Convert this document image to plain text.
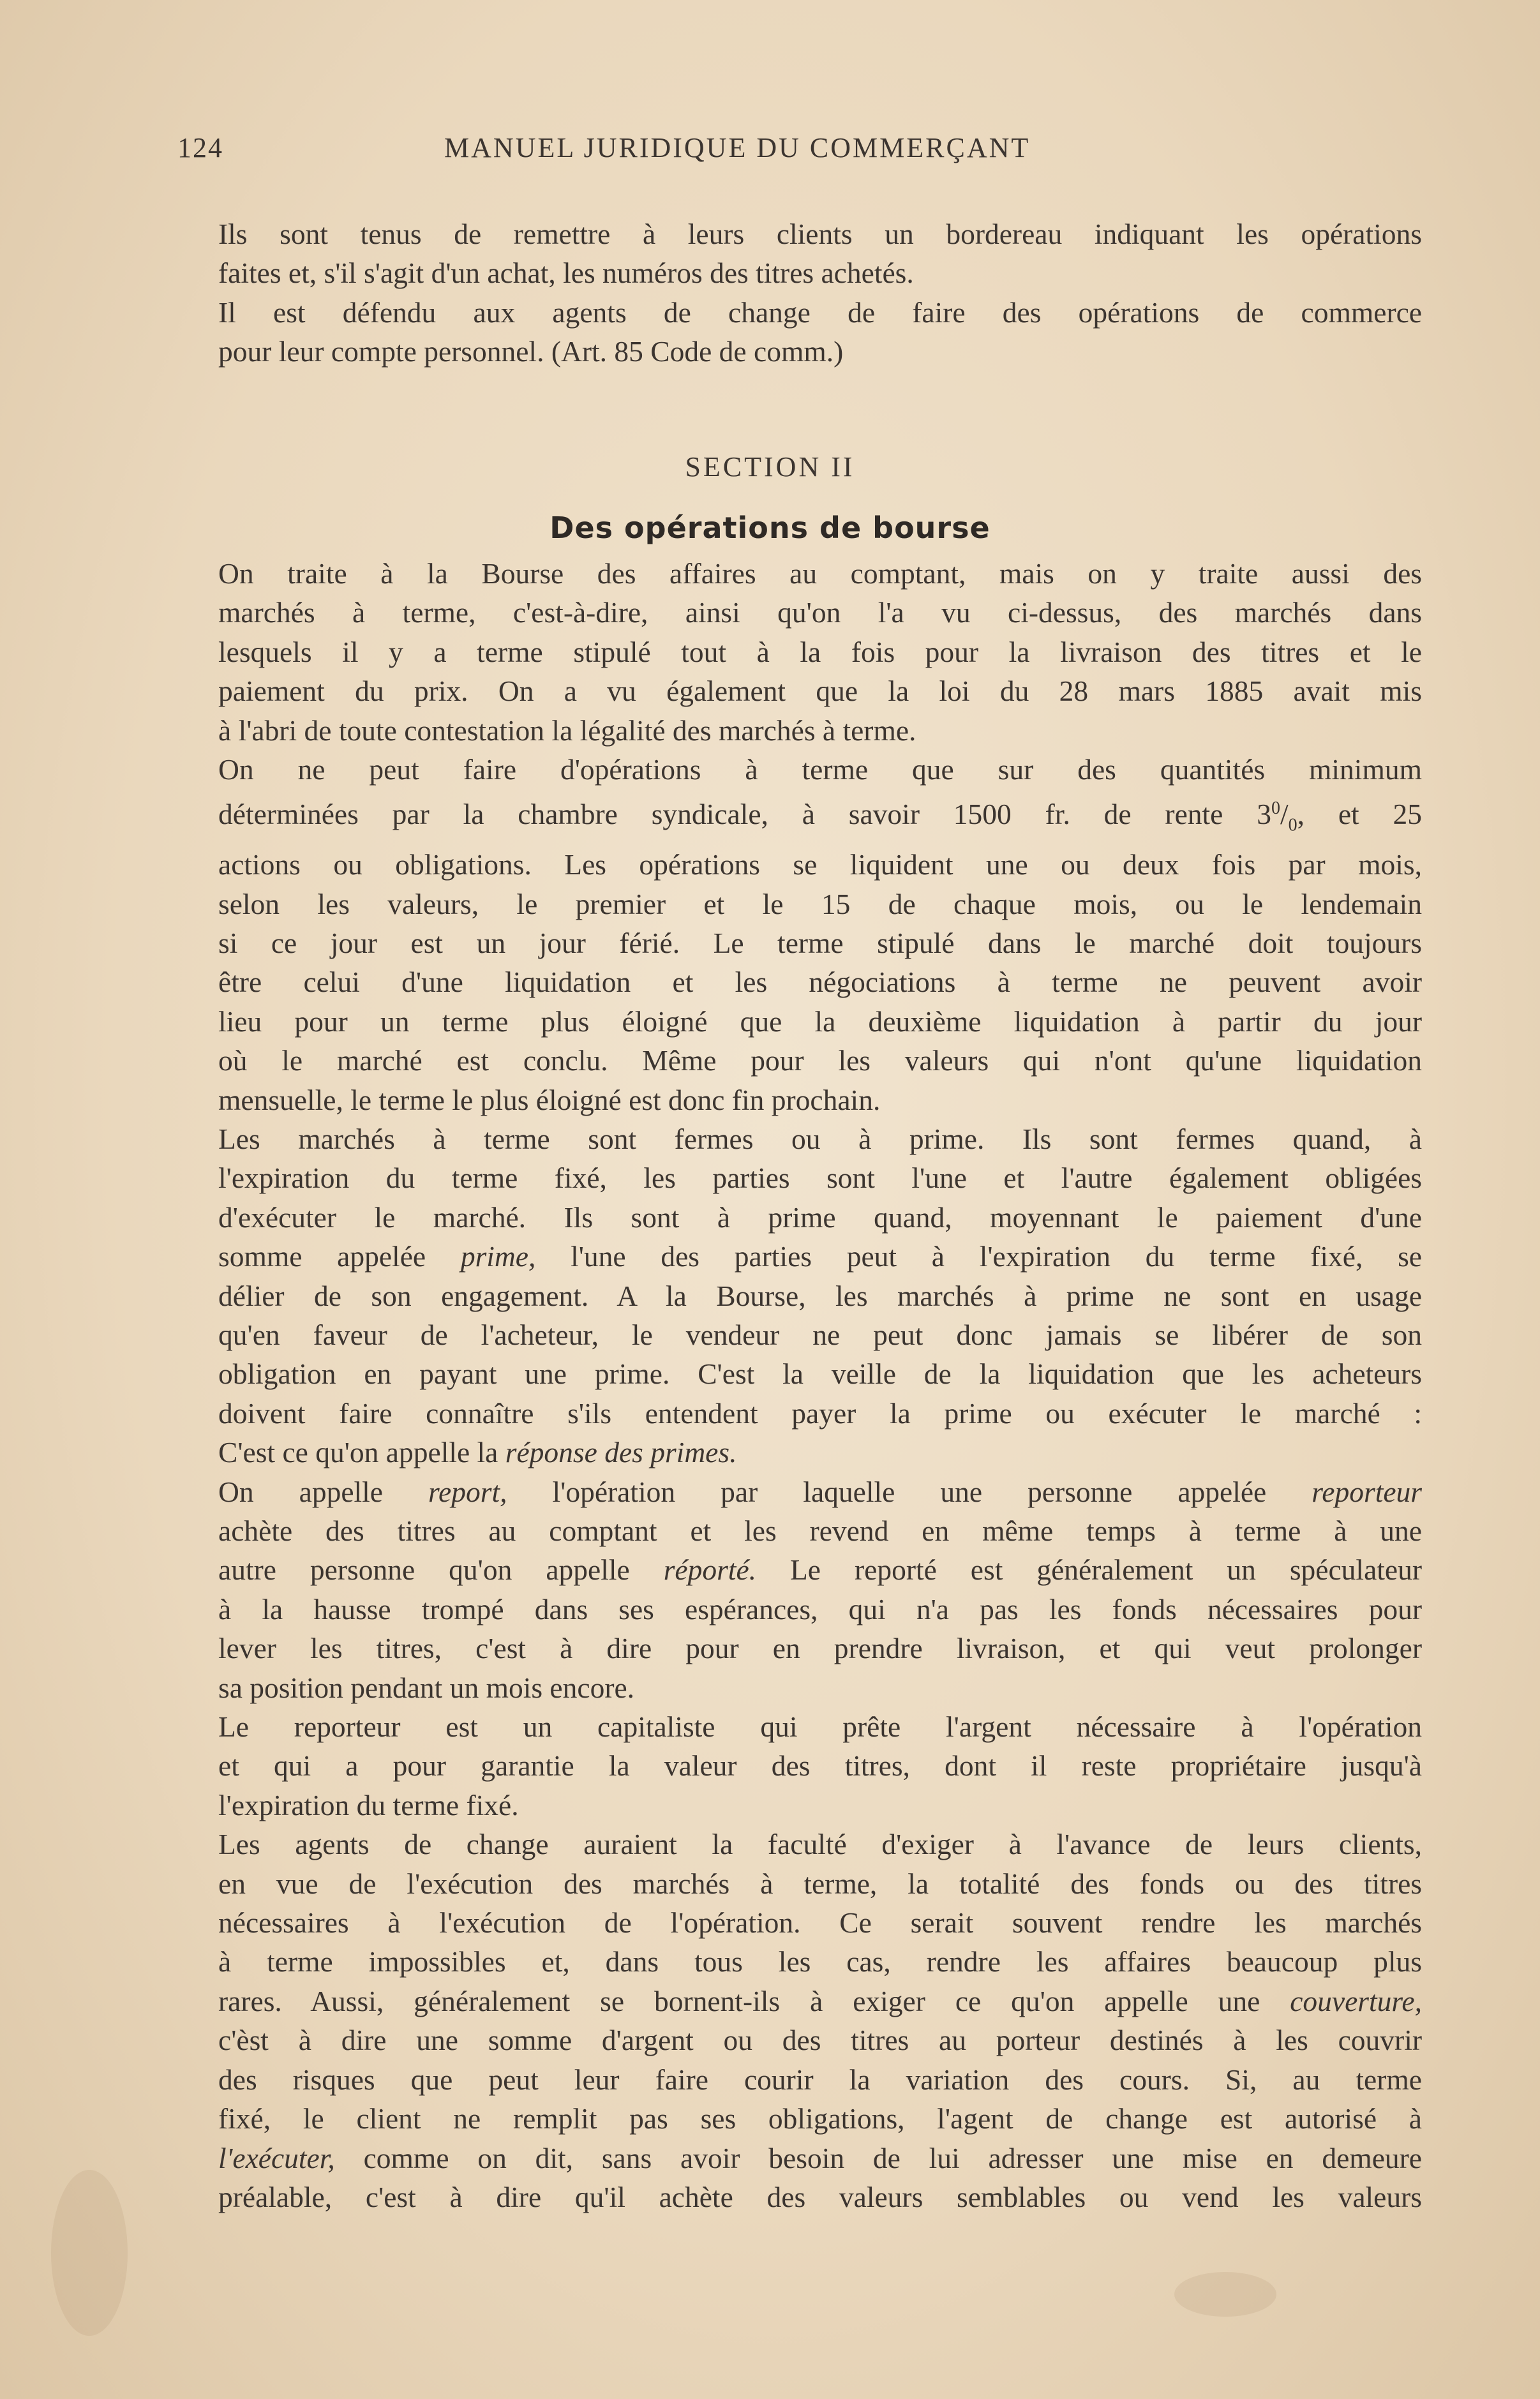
124	MANUEL JURIDIQUE DU COMMERÇANT
Ils sont tenus de remettre à leurs clients un bordereau indiquant les opérations
faites et, s'il s'agit d'un achat, les numéros des titres achetés.
Il est défendu aux agents de change de faire des opérations de commerce
pour leur compte personnel. (Art. 85 Code de comm.)
SECTION II
Des opérations de bourse
On traite à la Bourse des affaires au comptant, mais on y traite aussi des
marchés à terme, c'est-à-dire, ainsi qu'on l'a vu ci-dessus, des marchés dans
lesquels il y a terme stipulé tout à la fois pour la livraison des titres et le
paiement du prix. On a vu également que la loi du 28 mars 1885 avait mis
à l'abri de toute contestation la légalité des marchés à terme.
On ne peut faire d'opérations à terme que sur des quantités minimum
déterminées par la chambre syndicale, à savoir 1500 fr. de rente $3^0/_0$, et 25
actions ou obligations. Les opérations se liquident une ou deux fois par mois,
selon les valeurs, le premier et le 15 de chaque mois, ou le lendemain
si ce jour est un jour férié. Le terme stipulé dans le marché doit toujours
être celui d'une liquidation et les négociations à terme ne peuvent avoir
lieu pour un terme plus éloigné que la deuxième liquidation à partir du jour
où le marché est conclu. Même pour les valeurs qui n'ont qu'une liquidation
mensuelle, le terme le plus éloigné est donc fin prochain.
Les marchés à terme sont fermes ou à prime. Ils sont fermes quand, à
l'expiration du terme fixé, les parties sont l'une et l'autre également obligées
d'exécuter le marché. Ils sont à prime quand, moyennant le paiement d'une
somme appelée prime, l'une des parties peut à l'expiration du terme fixé, se
délier de son engagement. A la Bourse, les marchés à prime ne sont en usage
qu'en faveur de l'acheteur, le vendeur ne peut donc jamais se libérer de son
obligation en payant une prime. C'est la veille de la liquidation que les acheteurs
doivent faire connaître s'ils entendent payer la prime ou exécuter le marché :
C'est ce qu'on appelle la réponse des primes.
On appelle report, l'opération par laquelle une personne appelée reporteur
achète des titres au comptant et les revend en même temps à terme à une
autre personne qu'on appelle réporté. Le reporté est généralement un spéculateur
à la hausse trompé dans ses espérances, qui n'a pas les fonds nécessaires pour
lever les titres, c'est à dire pour en prendre livraison, et qui veut prolonger
sa position pendant un mois encore.
Le reporteur est un capitaliste qui prête l'argent nécessaire à l'opération
et qui a pour garantie la valeur des titres, dont il reste propriétaire jusqu'à
l'expiration du terme fixé.
Les agents de change auraient la faculté d'exiger à l'avance de leurs clients,
en vue de l'exécution des marchés à terme, la totalité des fonds ou des titres
nécessaires à l'exécution de l'opération. Ce serait souvent rendre les marchés
à terme impossibles et, dans tous les cas, rendre les affaires beaucoup plus
rares. Aussi, généralement se bornent-ils à exiger ce qu'on appelle une couverture,
c'èst à dire une somme d'argent ou des titres au porteur destinés à les couvrir
des risques que peut leur faire courir la variation des cours. Si, au terme
fixé, le client ne remplit pas ses obligations, l'agent de change est autorisé à
l'exécuter, comme on dit, sans avoir besoin de lui adresser une mise en demeure
préalable, c'est à dire qu'il achète des valeurs semblables ou vend les valeurs
